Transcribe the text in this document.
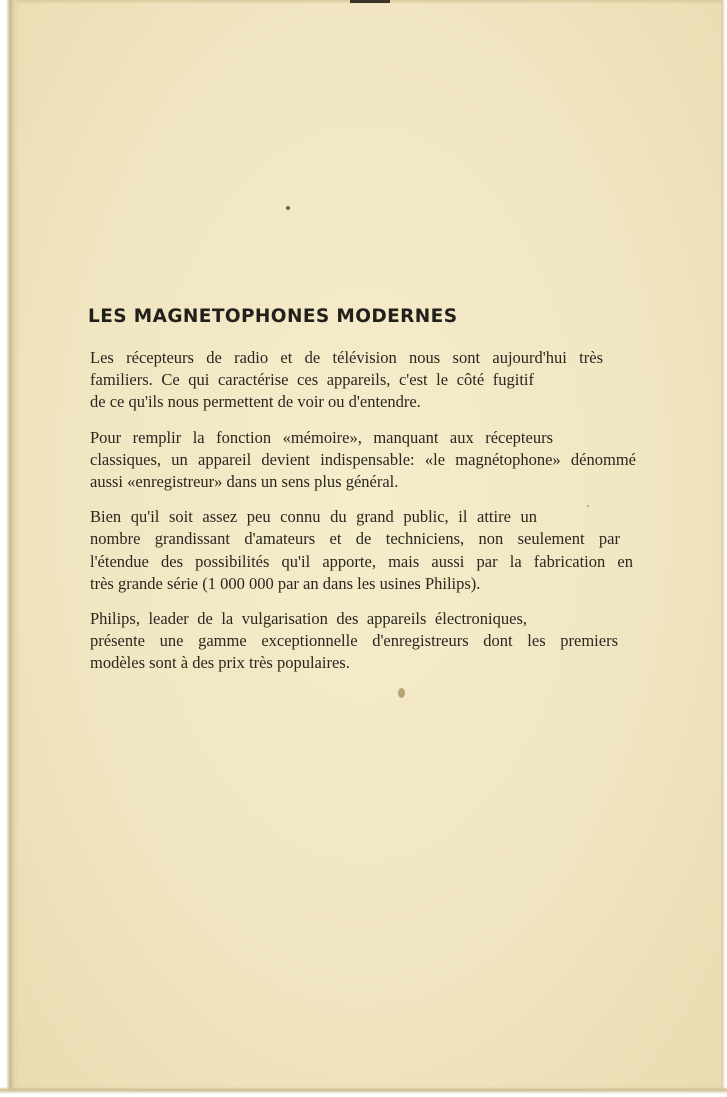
LES MAGNETOPHONES MODERNES
Les récepteurs de radio et de télévision nous sont aujourd'hui très
familiers. Ce qui caractérise ces appareils, c'est le côté fugitif
de ce qu'ils nous permettent de voir ou d'entendre.
Pour remplir la fonction «mémoire», manquant aux récepteurs
classiques, un appareil devient indispensable: «le magnétophone» dénommé
aussi «enregistreur» dans un sens plus général.
Bien qu'il soit assez peu connu du grand public, il attire un
nombre grandissant d'amateurs et de techniciens, non seulement par
l'étendue des possibilités qu'il apporte, mais aussi par la fabrication en
très grande série (1 000 000 par an dans les usines Philips).
Philips, leader de la vulgarisation des appareils électroniques,
présente une gamme exceptionnelle d'enregistreurs dont les premiers
modèles sont à des prix très populaires.
